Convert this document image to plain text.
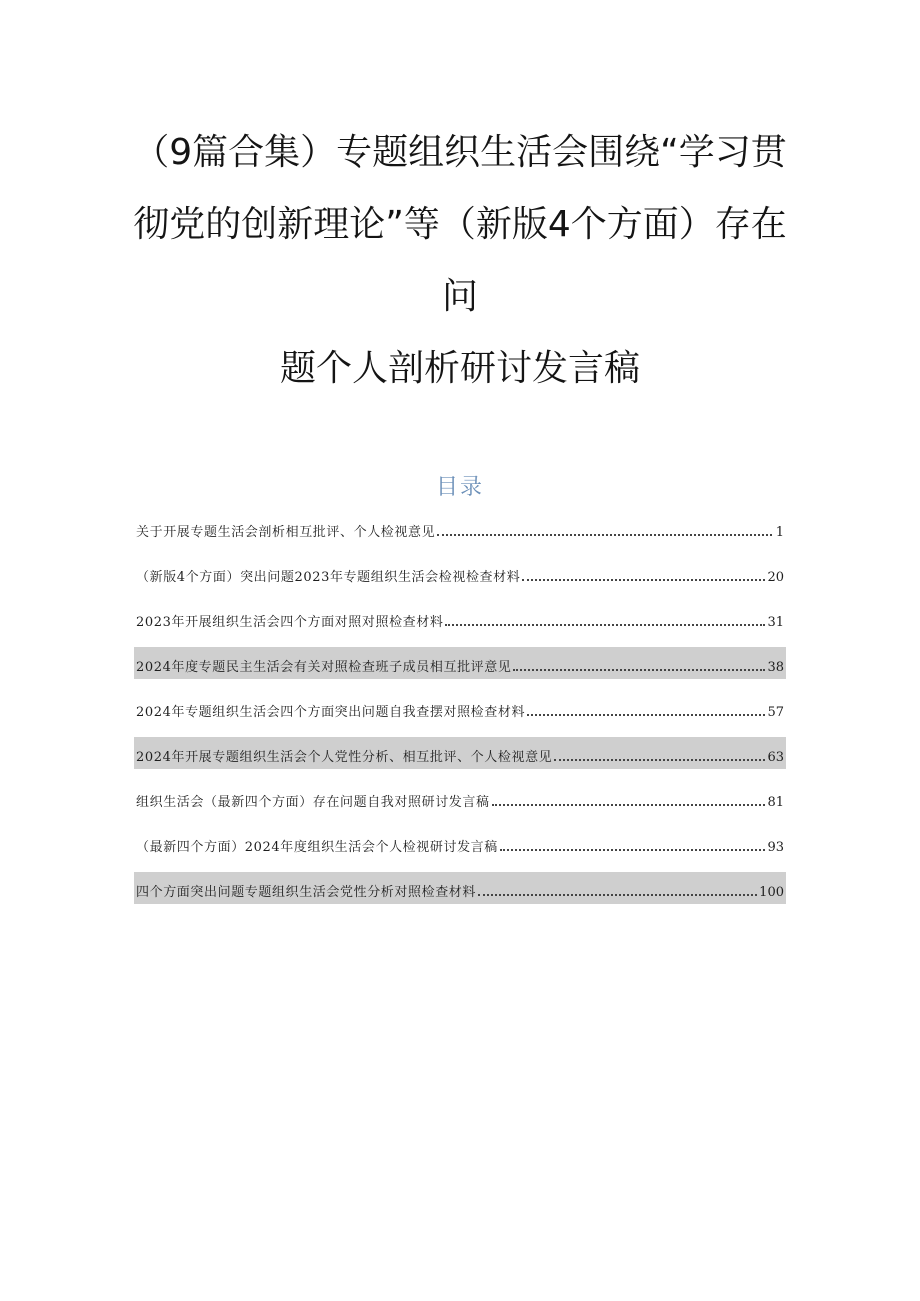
（9篇合集）专题组织生活会围绕“学习贯
彻党的创新理论”等（新版4个方面）存在
问
题个人剖析研讨发言稿
目录
关于开展专题生活会剖析相互批评、个人检视意见	1
（新版4个方面）突出问题2023年专题组织生活会检视检查材料	20
2023年开展组织生活会四个方面对照对照检查材料	31
2024年度专题民主生活会有关对照检查班子成员相互批评意见	38
2024年专题组织生活会四个方面突出问题自我查摆对照检查材料	57
2024年开展专题组织生活会个人党性分析、相互批评、个人检视意见	63
组织生活会（最新四个方面）存在问题自我对照研讨发言稿	81
（最新四个方面）2024年度组织生活会个人检视研讨发言稿	93
四个方面突出问题专题组织生活会党性分析对照检查材料	100
